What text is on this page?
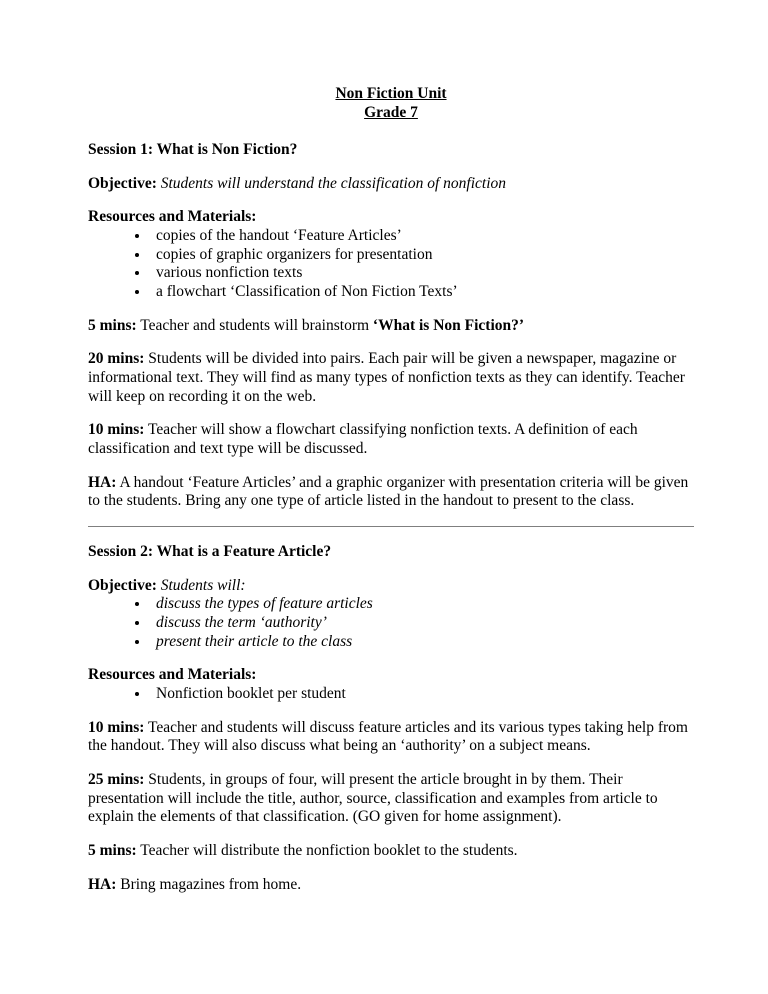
Non Fiction Unit
Grade 7

Session 1: What is Non Fiction?

Objective: Students will understand the classification of nonfiction

Resources and Materials:

• copies of the handout ‘Feature Articles’
• copies of graphic organizers for presentation
• various nonfiction texts
• a flowchart ‘Classification of Non Fiction Texts’

5 mins: Teacher and students will brainstorm ‘What is Non Fiction?’

20 mins: Students will be divided into pairs. Each pair will be given a newspaper, magazine or informational text. They will find as many types of nonfiction texts as they can identify. Teacher will keep on recording it on the web.

10 mins: Teacher will show a flowchart classifying nonfiction texts. A definition of each classification and text type will be discussed.

HA: A handout ‘Feature Articles’ and a graphic organizer with presentation criteria will be given to the students. Bring any one type of article listed in the handout to present to the class.

Session 2: What is a Feature Article?

Objective: Students will:

• discuss the types of feature articles
• discuss the term ‘authority’
• present their article to the class

Resources and Materials:

• Nonfiction booklet per student

10 mins: Teacher and students will discuss feature articles and its various types taking help from the handout. They will also discuss what being an ‘authority’ on a subject means.

25 mins: Students, in groups of four, will present the article brought in by them. Their presentation will include the title, author, source, classification and examples from article to explain the elements of that classification. (GO given for home assignment).

5 mins: Teacher will distribute the nonfiction booklet to the students.

HA: Bring magazines from home.
